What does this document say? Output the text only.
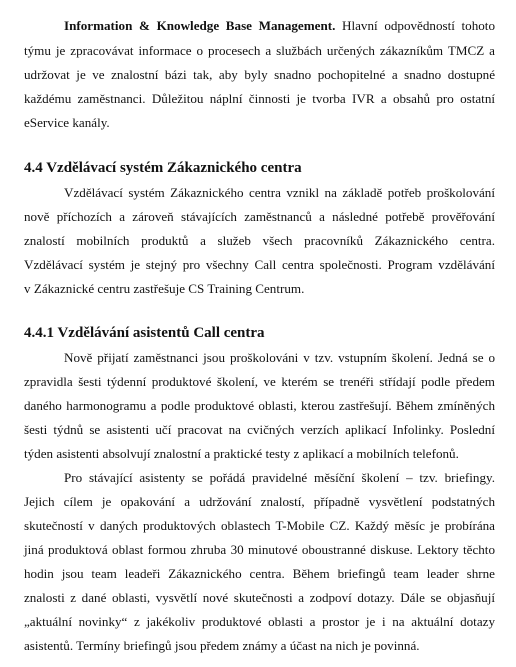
Information & Knowledge Base Management. Hlavní odpovědností tohoto
týmu je zpracovávat informace o procesech a službách určených zákazníkům TMCZ a
udržovat je ve znalostní bázi tak, aby byly snadno pochopitelné a snadno dostupné
každému zaměstnanci. Důležitou náplní činnosti je tvorba IVR a obsahů pro ostatní
eService kanály.
4.4 Vzdělávací systém Zákaznického centra
Vzdělávací systém Zákaznického centra vznikl na základě potřeb proškolování
nově příchozích a zároveň stávajících zaměstnanců a následné potřebě prověřování
znalostí mobilních produktů a služeb všech pracovníků Zákaznického centra.
Vzdělávací systém je stejný pro všechny Call centra společnosti. Program vzdělávání
v Zákaznické centru zastřešuje CS Training Centrum.
4.4.1 Vzdělávání asistentů Call centra
Nově přijatí zaměstnanci jsou proškolováni v tzv. vstupním školení. Jedná se o
zpravidla šesti týdenní produktové školení, ve kterém se trenéři střídají podle předem
daného harmonogramu a podle produktové oblasti, kterou zastřešují. Během zmíněných
šesti týdnů se asistenti učí pracovat na cvičných verzích aplikací Infolinky. Poslední
týden asistenti absolvují znalostní a praktické testy z aplikací a mobilních telefonů.
Pro stávající asistenty se pořádá pravidelné měsíční školení – tzv. briefingy.
Jejich cílem je opakování a udržování znalostí, případně vysvětlení podstatných
skutečností v daných produktových oblastech T-Mobile CZ. Každý měsíc je probírána
jiná produktová oblast formou zhruba 30 minutové oboustranné diskuse. Lektory těchto
hodin jsou team leadeři Zákaznického centra. Během briefingů team leader shrne
znalosti z dané oblasti, vysvětlí nové skutečnosti a zodpoví dotazy. Dále se objasňují
„aktuální novinky“ z jakékoliv produktové oblasti a prostor je i na aktuální dotazy
asistentů. Termíny briefingů jsou předem známy a účast na nich je povinná.
